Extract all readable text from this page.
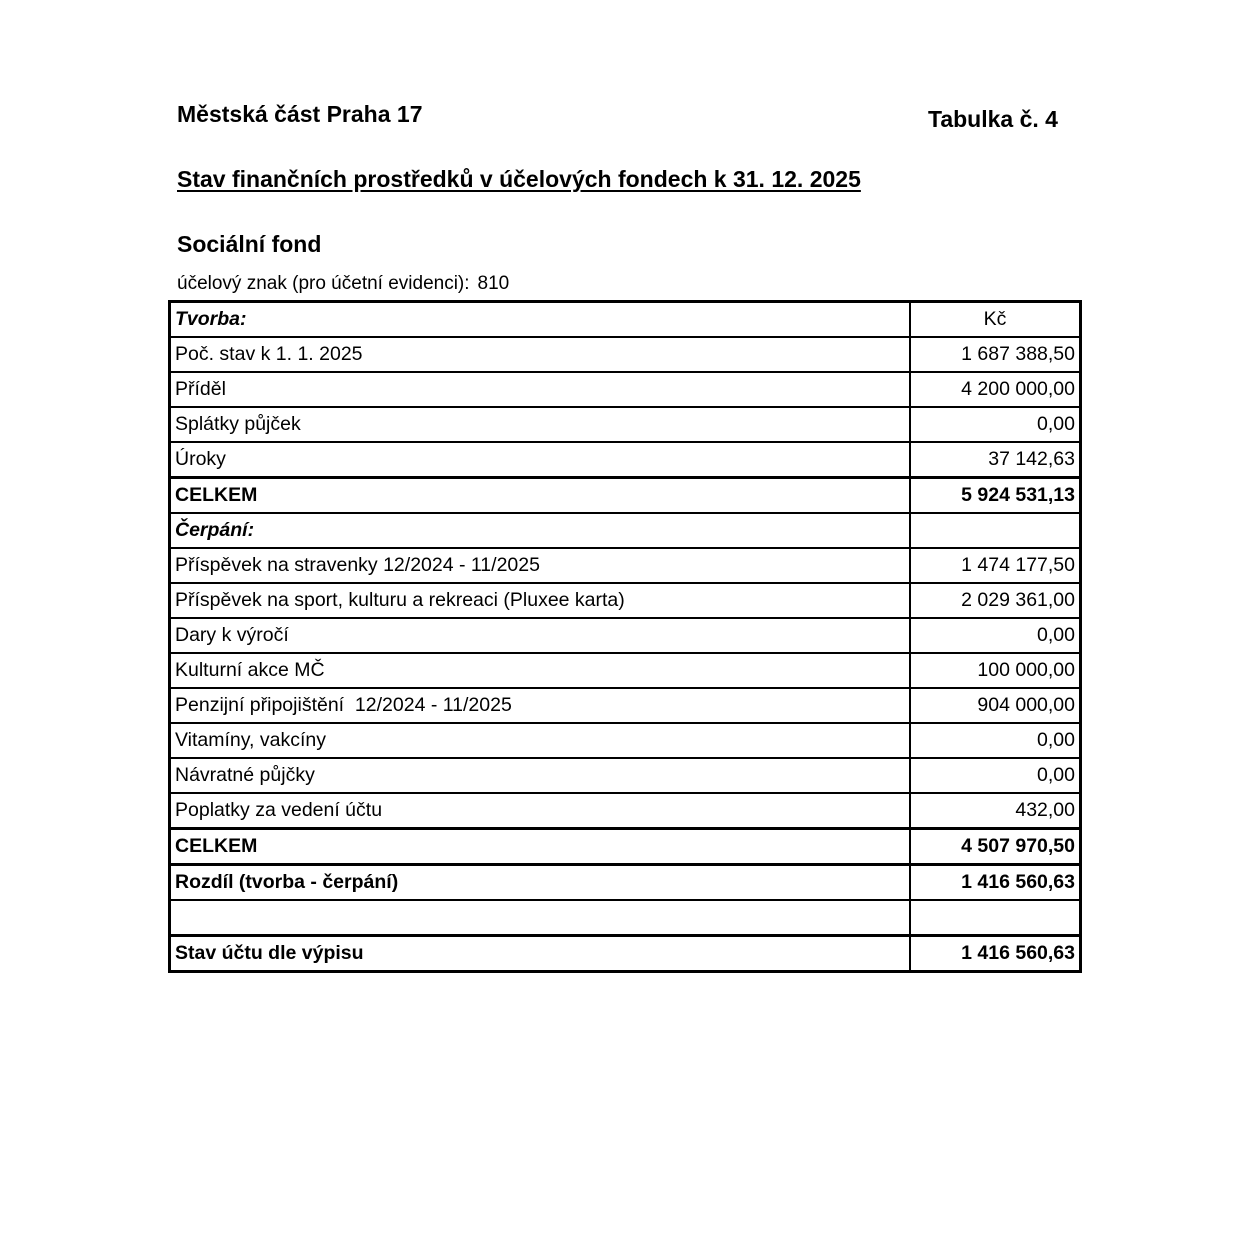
Městská část Praha 17	Tabulka č. 4
Stav finančních prostředků v účelových fondech k 31. 12. 2025
Sociální fond
účelový znak (pro účetní evidenci): 810
Tvorba:	Kč
Poč. stav k 1. 1. 2025	1 687 388,50
Příděl	4 200 000,00
Splátky půjček	0,00
Úroky	37 142,63
CELKEM	5 924 531,13
Čerpání:	
Příspěvek na stravenky 12/2024 - 11/2025	1 474 177,50
Příspěvek na sport, kulturu a rekreaci (Pluxee karta)	2 029 361,00
Dary k výročí	0,00
Kulturní akce MČ	100 000,00
Penzijní připojištění  12/2024 - 11/2025	904 000,00
Vitamíny, vakcíny	0,00
Návratné půjčky	0,00
Poplatky za vedení účtu	432,00
CELKEM	4 507 970,50
Rozdíl (tvorba - čerpání)	1 416 560,63

Stav účtu dle výpisu	1 416 560,63
